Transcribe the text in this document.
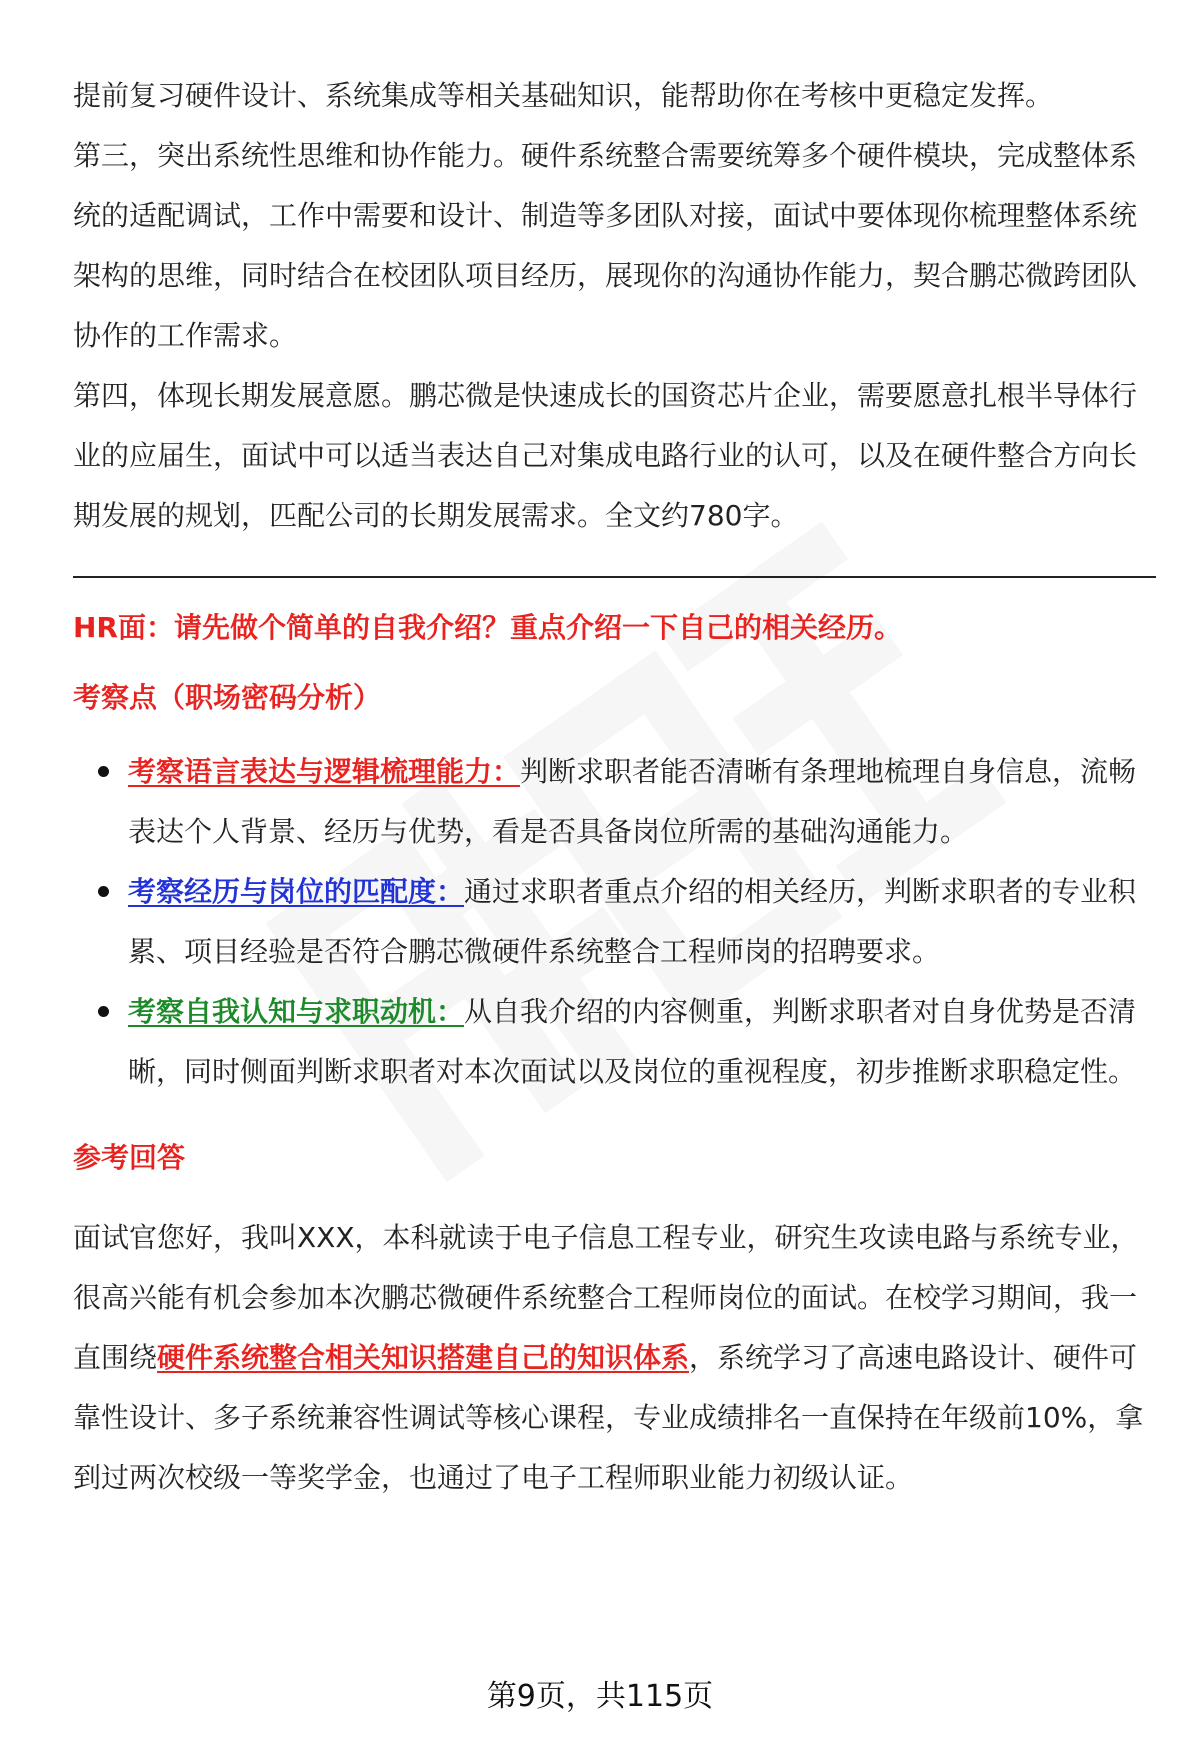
提前复习硬件设计、系统集成等相关基础知识，能帮助你在考核中更稳定发挥。

第三，突出系统性思维和协作能力。硬件系统整合需要统筹多个硬件模块，完成整体系统的适配调试，工作中需要和设计、制造等多团队对接，面试中要体现你梳理整体系统架构的思维，同时结合在校团队项目经历，展现你的沟通协作能力，契合鹏芯微跨团队协作的工作需求。

第四，体现长期发展意愿。鹏芯微是快速成长的国资芯片企业，需要愿意扎根半导体行业的应届生，面试中可以适当表达自己对集成电路行业的认可，以及在硬件整合方向长期发展的规划，匹配公司的长期发展需求。全文约780字。

HR面：请先做个简单的自我介绍？重点介绍一下自己的相关经历。

考察点（职场密码分析）

考察语言表达与逻辑梳理能力：判断求职者能否清晰有条理地梳理自身信息，流畅表达个人背景、经历与优势，看是否具备岗位所需的基础沟通能力。
考察经历与岗位的匹配度：通过求职者重点介绍的相关经历，判断求职者的专业积累、项目经验是否符合鹏芯微硬件系统整合工程师岗的招聘要求。
考察自我认知与求职动机：从自我介绍的内容侧重，判断求职者对自身优势是否清晰，同时侧面判断求职者对本次面试以及岗位的重视程度，初步推断求职稳定性。

参考回答

面试官您好，我叫XXX，本科就读于电子信息工程专业，研究生攻读电路与系统专业，很高兴能有机会参加本次鹏芯微硬件系统整合工程师岗位的面试。在校学习期间，我一直围绕硬件系统整合相关知识搭建自己的知识体系，系统学习了高速电路设计、硬件可靠性设计、多子系统兼容性调试等核心课程，专业成绩排名一直保持在年级前10%，拿到过两次校级一等奖学金，也通过了电子工程师职业能力初级认证。

第9页，共115页
